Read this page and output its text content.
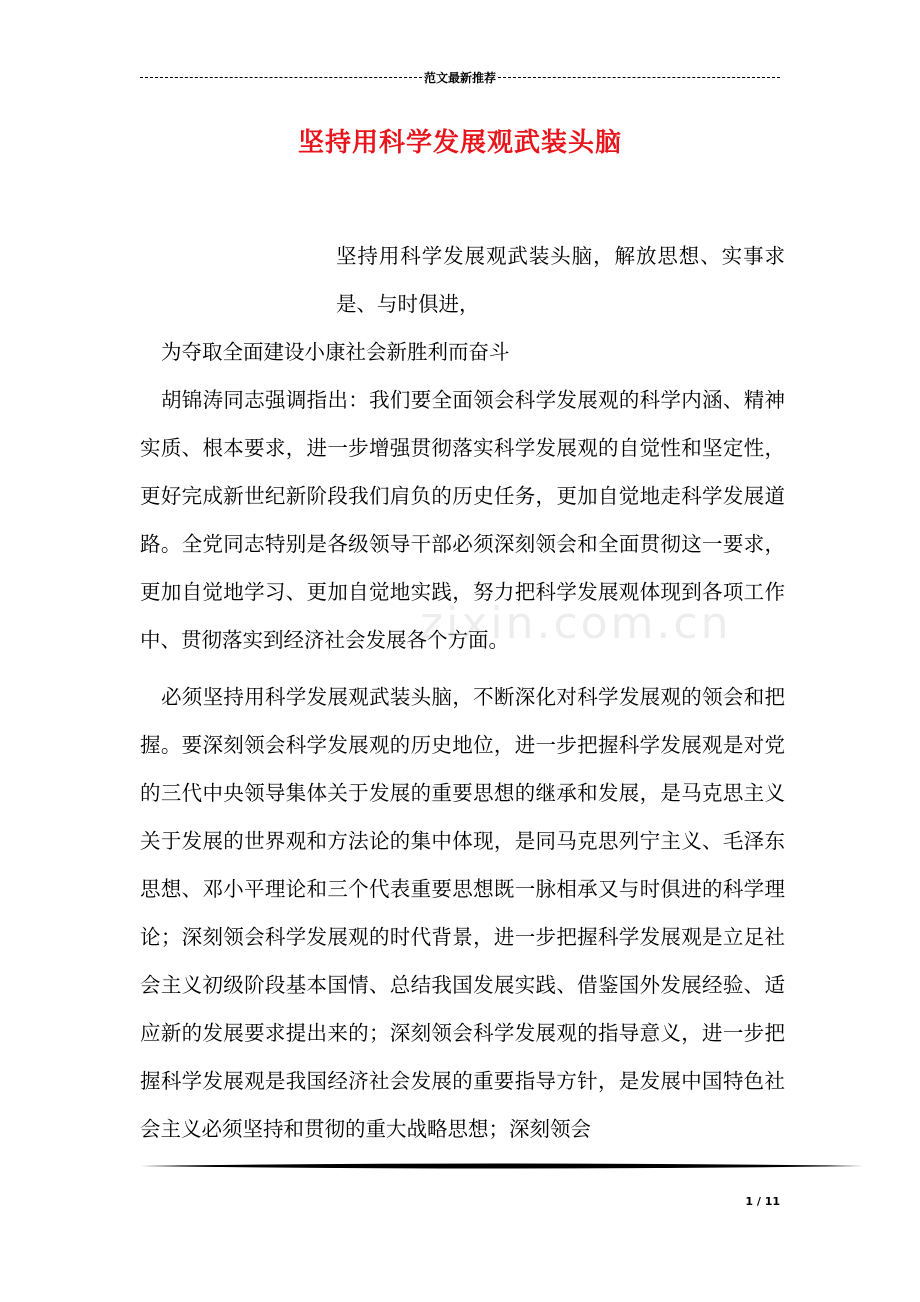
范文最新推荐
坚持用科学发展观武装头脑

坚持用科学发展观武装头脑，解放思想、实事求是、与时俱进，

为夺取全面建设小康社会新胜利而奋斗

胡锦涛同志强调指出：我们要全面领会科学发展观的科学内涵、精神实质、根本要求，进一步增强贯彻落实科学发展观的自觉性和坚定性，更好完成新世纪新阶段我们肩负的历史任务，更加自觉地走科学发展道路。全党同志特别是各级领导干部必须深刻领会和全面贯彻这一要求，更加自觉地学习、更加自觉地实践，努力把科学发展观体现到各项工作中、贯彻落实到经济社会发展各个方面。

必须坚持用科学发展观武装头脑，不断深化对科学发展观的领会和把握。要深刻领会科学发展观的历史地位，进一步把握科学发展观是对党的三代中央领导集体关于发展的重要思想的继承和发展，是马克思主义关于发展的世界观和方法论的集中体现，是同马克思列宁主义、毛泽东思想、邓小平理论和三个代表重要思想既一脉相承又与时俱进的科学理论；深刻领会科学发展观的时代背景，进一步把握科学发展观是立足社会主义初级阶段基本国情、总结我国发展实践、借鉴国外发展经验、适应新的发展要求提出来的；深刻领会科学发展观的指导意义，进一步把握科学发展观是我国经济社会发展的重要指导方针，是发展中国特色社会主义必须坚持和贯彻的重大战略思想；深刻领会

zixin.com.cn
1 / 11
